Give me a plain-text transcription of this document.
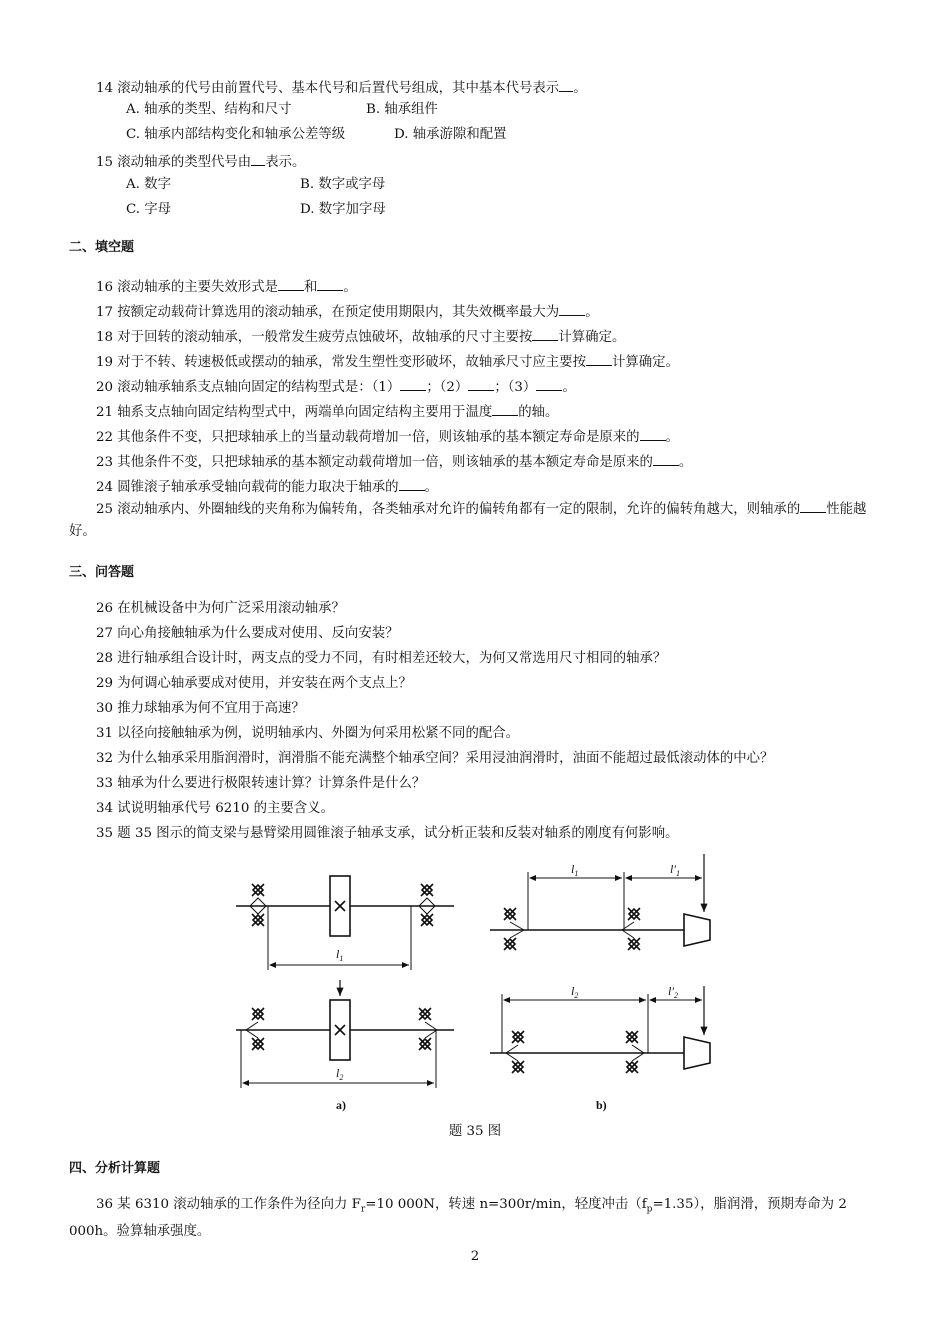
14 滚动轴承的代号由前置代号、基本代号和后置代号组成，其中基本代号表示 。
A. 轴承的类型、结构和尺寸	B. 轴承组件
C. 轴承内部结构变化和轴承公差等级	D. 轴承游隙和配置
15 滚动轴承的类型代号由 表示。
A. 数字	B. 数字或字母
C. 字母	D. 数字加字母
二、填空题
16 滚动轴承的主要失效形式是 和 。
17 按额定动载荷计算选用的滚动轴承，在预定使用期限内，其失效概率最大为 。
18 对于回转的滚动轴承，一般常发生疲劳点蚀破坏，故轴承的尺寸主要按 计算确定。
19 对于不转、转速极低或摆动的轴承，常发生塑性变形破坏，故轴承尺寸应主要按 计算确定。
20 滚动轴承轴系支点轴向固定的结构型式是：（1） ；（2） ；（3） 。
21 轴系支点轴向固定结构型式中，两端单向固定结构主要用于温度 的轴。
22 其他条件不变，只把球轴承上的当量动载荷增加一倍，则该轴承的基本额定寿命是原来的 。
23 其他条件不变，只把球轴承的基本额定动载荷增加一倍，则该轴承的基本额定寿命是原来的 。
24 圆锥滚子轴承承受轴向载荷的能力取决于轴承的 。
25 滚动轴承内、外圈轴线的夹角称为偏转角，各类轴承对允许的偏转角都有一定的限制，允许的偏转角越大，则轴承的 性能越好。
三、问答题
26 在机械设备中为何广泛采用滚动轴承？
27 向心角接触轴承为什么要成对使用、反向安装？
28 进行轴承组合设计时，两支点的受力不同，有时相差还较大，为何又常选用尺寸相同的轴承？
29 为何调心轴承要成对使用，并安装在两个支点上？
30 推力球轴承为何不宜用于高速？
31 以径向接触轴承为例，说明轴承内、外圈为何采用松紧不同的配合。
32 为什么轴承采用脂润滑时，润滑脂不能充满整个轴承空间？采用浸油润滑时，油面不能超过最低滚动体的中心？
33 轴承为什么要进行极限转速计算？计算条件是什么？
34 试说明轴承代号 6210 的主要含义。
35 题 35 图示的简支梁与悬臂梁用圆锥滚子轴承支承，试分析正装和反装对轴系的刚度有何影响。
$l_1$
$l_2$
a)
$l_1$	$l'_1$
$l_2$	$l'_2$
b)
题 35 图
四、分析计算题
36 某 6310 滚动轴承的工作条件为径向力 $F_r=10$ 000N，转速 n=300r/min，轻度冲击$(f_p=1.35)$，脂润滑，预期寿命为 2 000h。验算轴承强度。
2
